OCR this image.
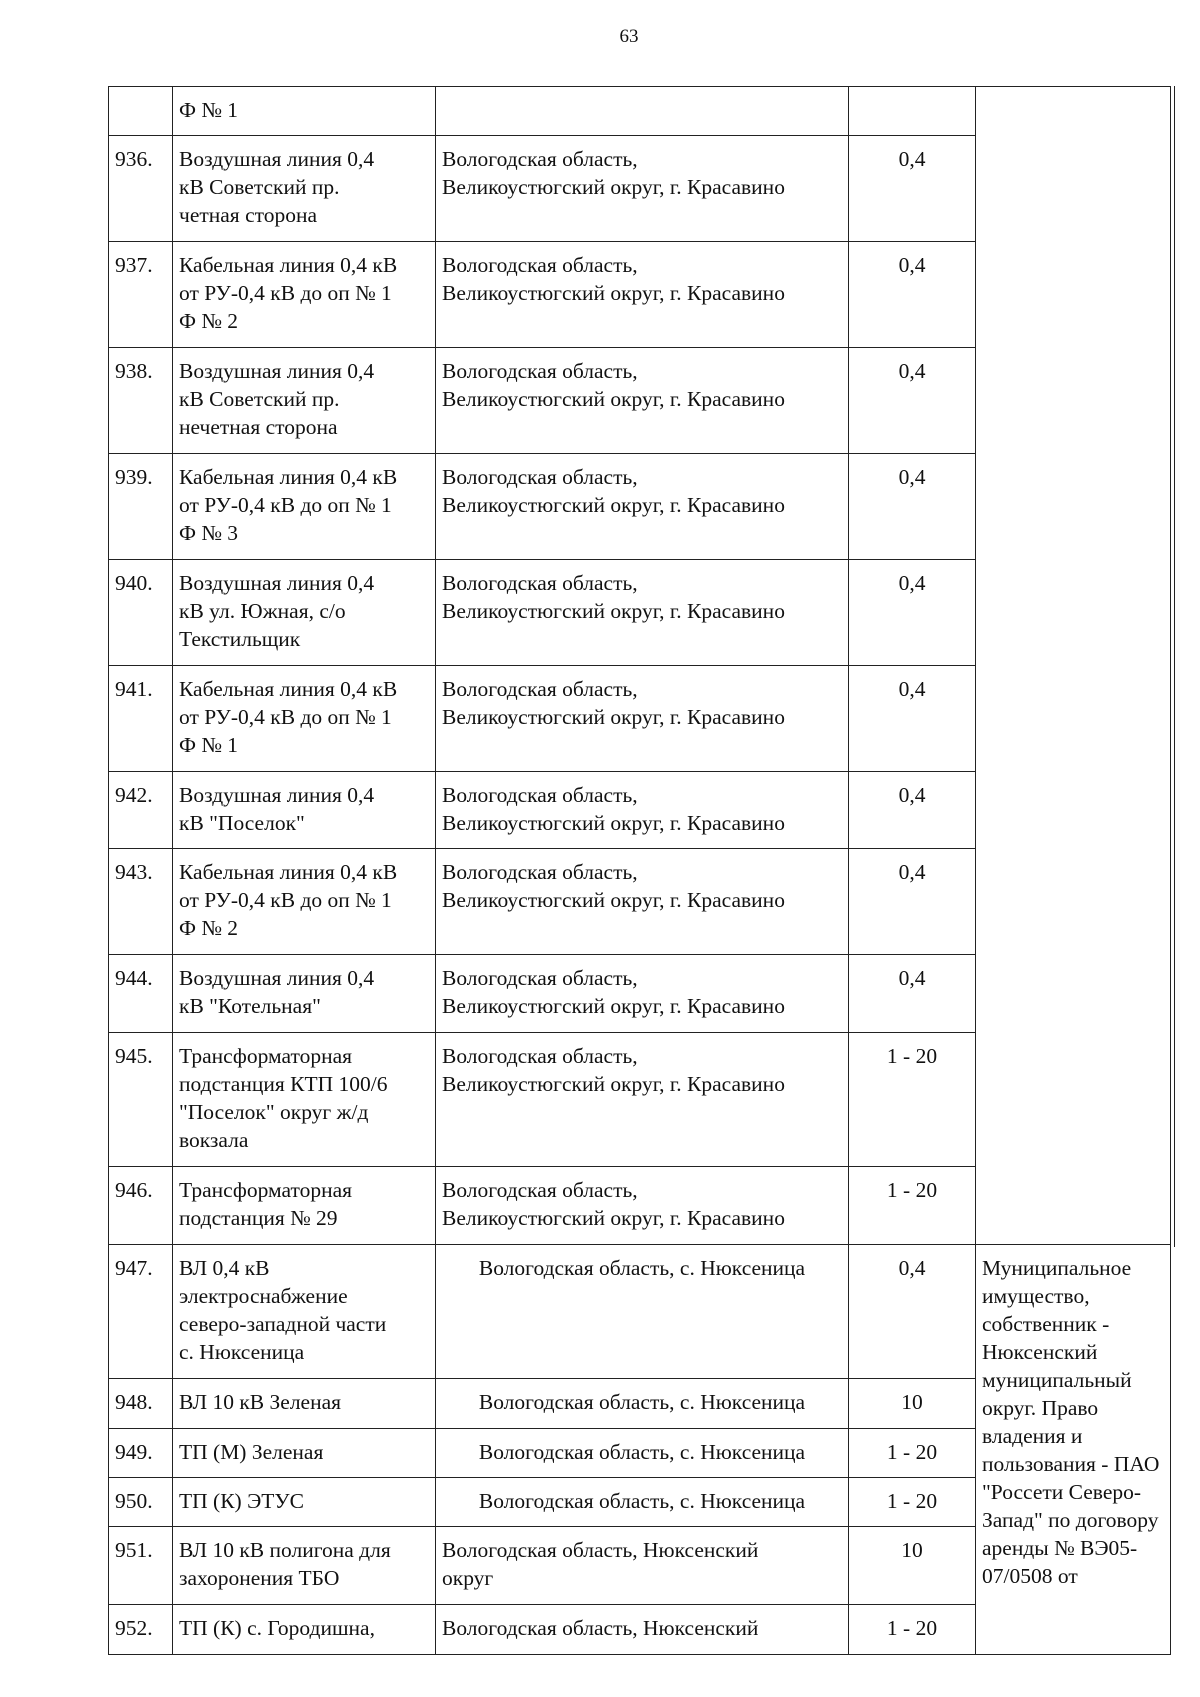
63

	Ф № 1			

936.	Воздушная линия 0,4
кВ Советский пр.
четная сторона	Вологодская область,
Великоустюгский округ, г. Красавино	0,4	
937.	Кабельная линия 0,4 кВ
от РУ-0,4 кВ до оп № 1
Ф № 2	Вологодская область,
Великоустюгский округ, г. Красавино	0,4	
938.	Воздушная линия 0,4
кВ Советский пр.
нечетная сторона	Вологодская область,
Великоустюгский округ, г. Красавино	0,4	
939.	Кабельная линия 0,4 кВ
от РУ-0,4 кВ до оп № 1
Ф № 3	Вологодская область,
Великоустюгский округ, г. Красавино	0,4	
940.	Воздушная линия 0,4
кВ ул. Южная, с/о
Текстильщик	Вологодская область,
Великоустюгский округ, г. Красавино	0,4	
941.	Кабельная линия 0,4 кВ
от РУ-0,4 кВ до оп № 1
Ф № 1	Вологодская область,
Великоустюгский округ, г. Красавино	0,4	
942.	Воздушная линия 0,4
кВ "Поселок"	Вологодская область,
Великоустюгский округ, г. Красавино	0,4	
943.	Кабельная линия 0,4 кВ
от РУ-0,4 кВ до оп № 1
Ф № 2	Вологодская область,
Великоустюгский округ, г. Красавино	0,4	
944.	Воздушная линия 0,4
кВ "Котельная"	Вологодская область,
Великоустюгский округ, г. Красавино	0,4	
945.	Трансформаторная
подстанция КТП 100/6
"Поселок" округ ж/д
вокзала	Вологодская область,
Великоустюгский округ, г. Красавино	1 - 20	
946.	Трансформаторная
подстанция № 29	Вологодская область,
Великоустюгский округ, г. Красавино	1 - 20	
947.	ВЛ 0,4 кВ
электроснабжение
северо-западной части
с. Нюксеница	Вологодская область, с. Нюксеница	0,4	Муниципальное имущество, собственник - Нюксенский муниципальный округ. Право владения и пользования - ПАО "Россети Северо-Запад" по договору аренды № ВЭ05-07/0508 от
948.	ВЛ 10 кВ Зеленая	Вологодская область, с. Нюксеница	10	
949.	ТП (М) Зеленая	Вологодская область, с. Нюксеница	1 - 20	
950.	ТП (К) ЭТУС	Вологодская область, с. Нюксеница	1 - 20	
951.	ВЛ 10 кВ полигона для
захоронения ТБО	Вологодская область, Нюксенский
округ	10	
952.	ТП (К) с. Городишна,	Вологодская область, Нюксенский	1 - 20	
